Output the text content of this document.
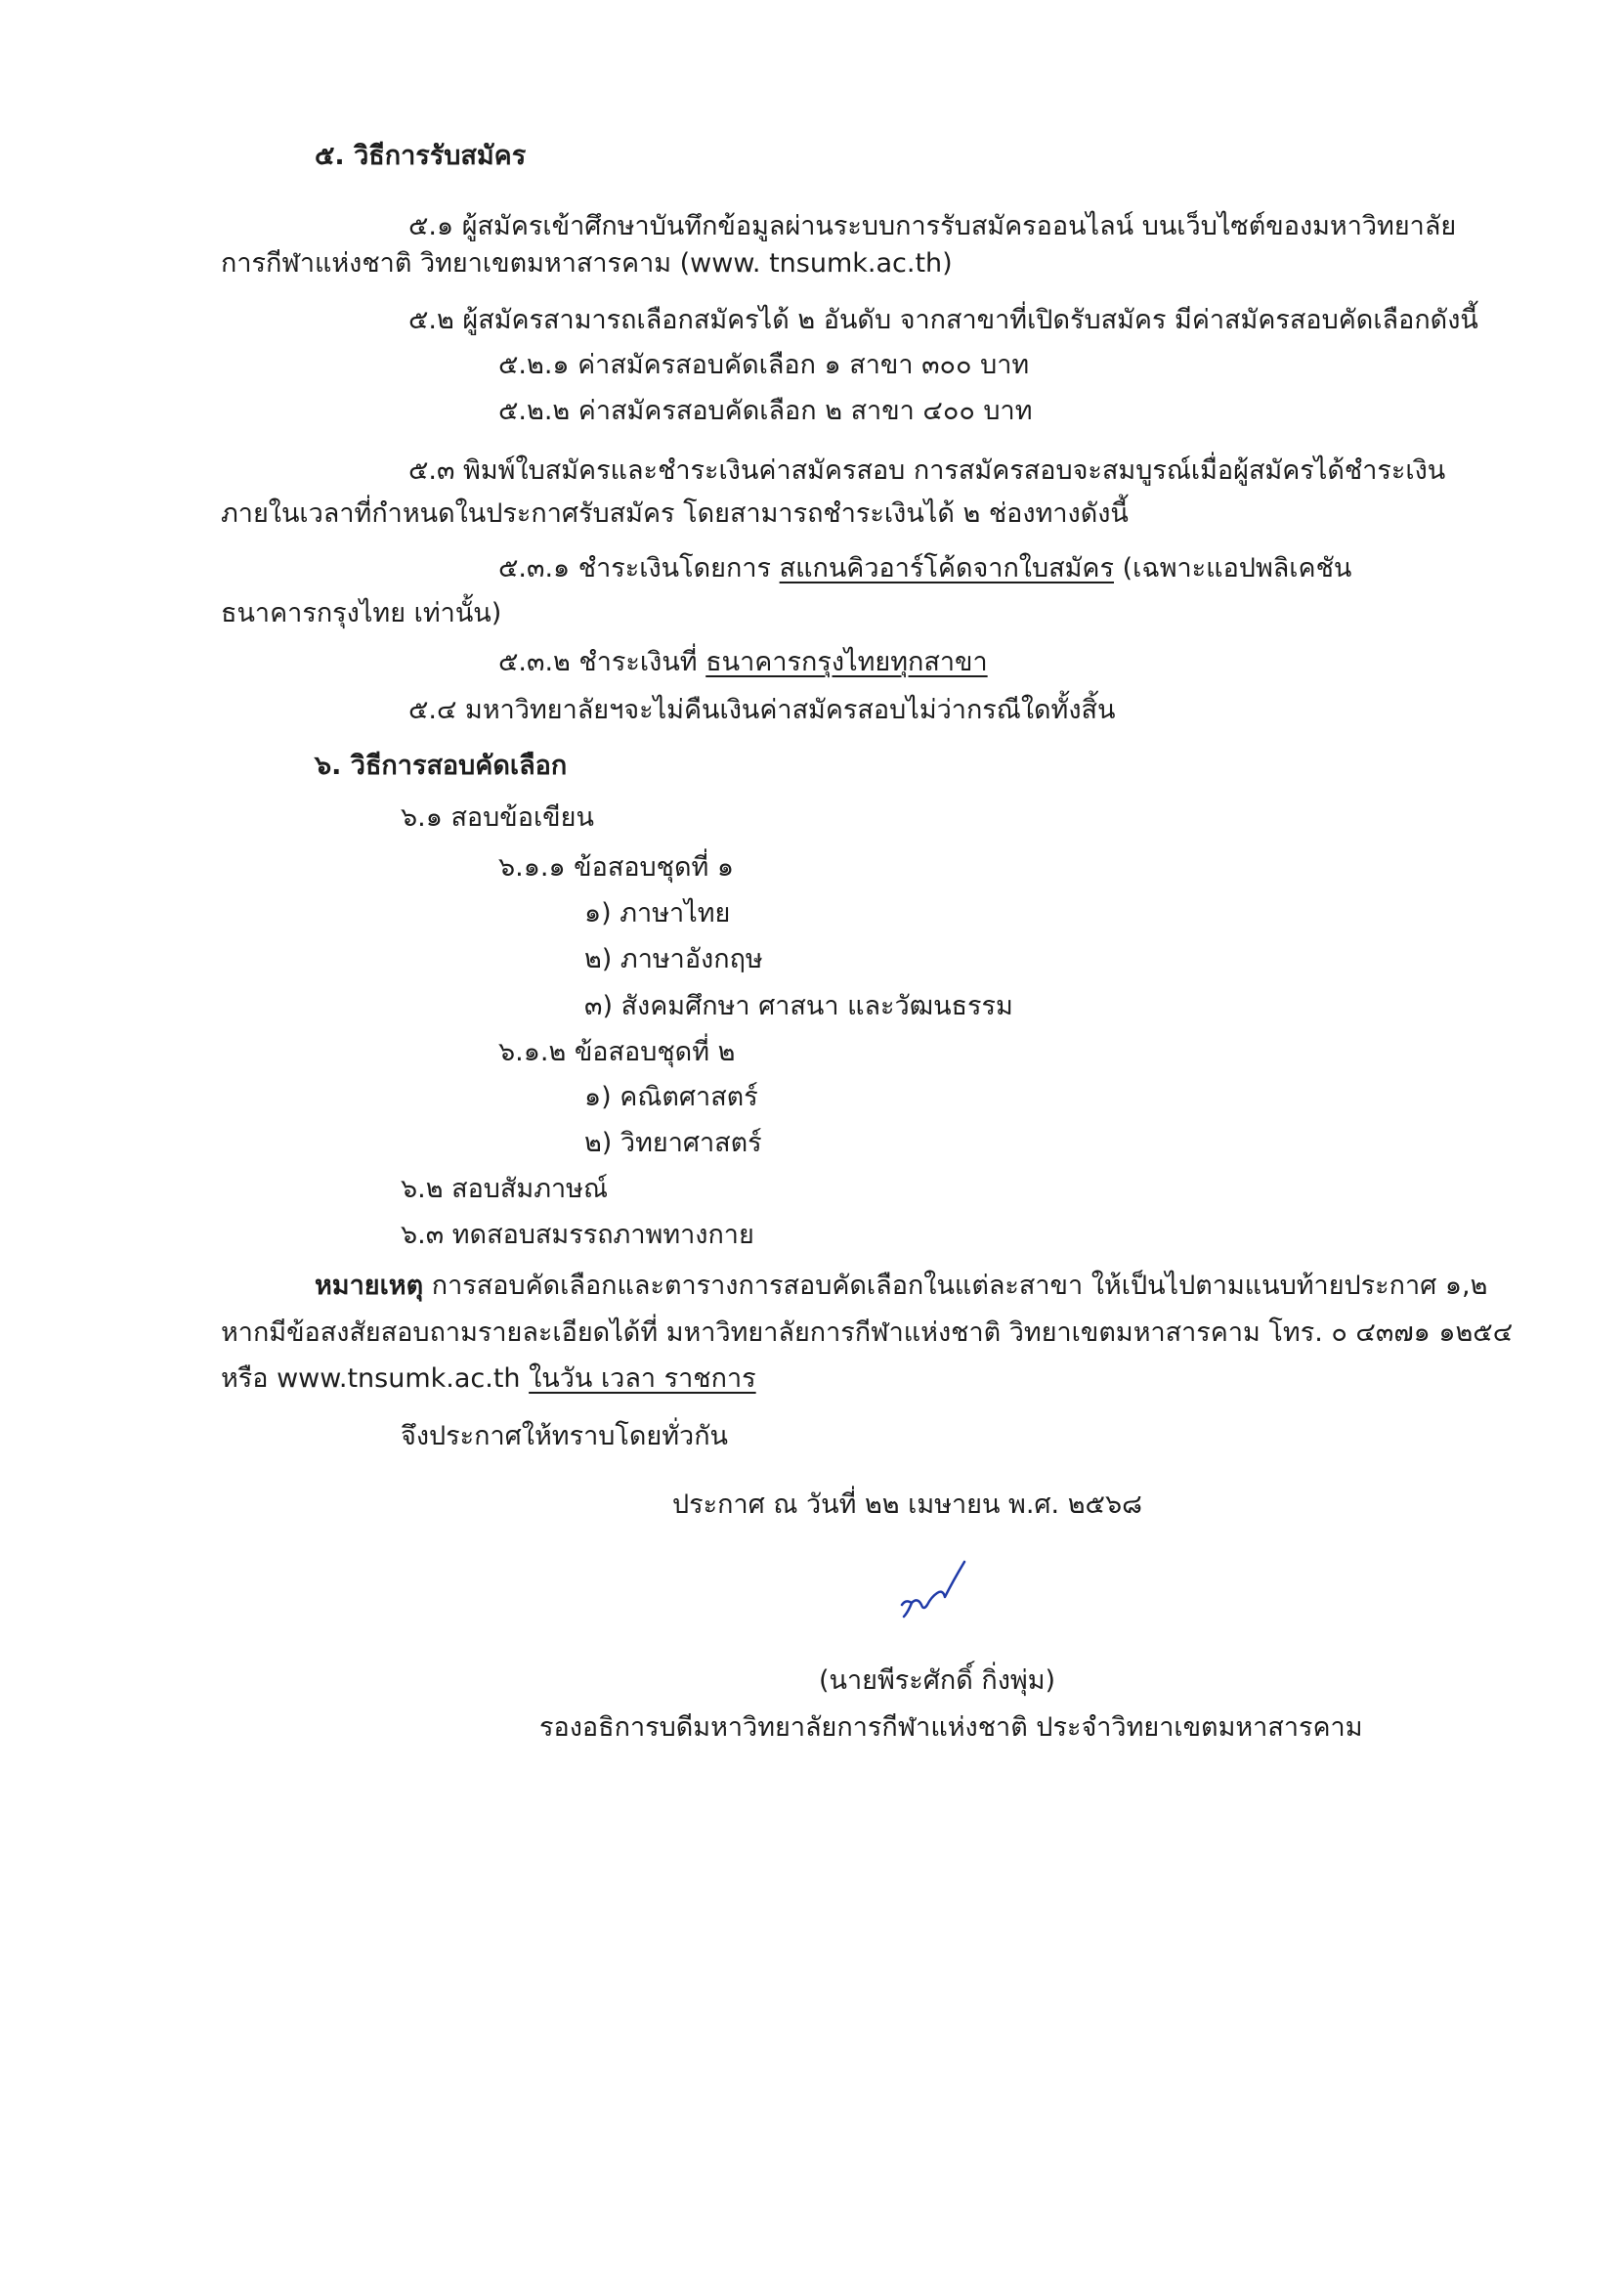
๕. วิธีการรับสมัคร

๕.๑ ผู้สมัครเข้าศึกษาบันทึกข้อมูลผ่านระบบการรับสมัครออนไลน์ บนเว็บไซต์ของมหาวิทยาลัย

การกีฬาแห่งชาติ วิทยาเขตมหาสารคาม (www. tnsumk.ac.th)

๕.๒ ผู้สมัครสามารถเลือกสมัครได้ ๒ อันดับ จากสาขาที่เปิดรับสมัคร มีค่าสมัครสอบคัดเลือกดังนี้

๕.๒.๑ ค่าสมัครสอบคัดเลือก ๑ สาขา ๓๐๐ บาท

๕.๒.๒ ค่าสมัครสอบคัดเลือก ๒ สาขา ๔๐๐ บาท

๕.๓ พิมพ์ใบสมัครและชำระเงินค่าสมัครสอบ การสมัครสอบจะสมบูรณ์เมื่อผู้สมัครได้ชำระเงิน

ภายในเวลาที่กำหนดในประกาศรับสมัคร โดยสามารถชำระเงินได้ ๒ ช่องทางดังนี้

๕.๓.๑ ชำระเงินโดยการ สแกนคิวอาร์โค้ดจากใบสมัคร (เฉพาะแอปพลิเคชัน

ธนาคารกรุงไทย เท่านั้น)

๕.๓.๒ ชำระเงินที่ ธนาคารกรุงไทยทุกสาขา

๕.๔ มหาวิทยาลัยฯจะไม่คืนเงินค่าสมัครสอบไม่ว่ากรณีใดทั้งสิ้น

๖. วิธีการสอบคัดเลือก

๖.๑ สอบข้อเขียน

๖.๑.๑ ข้อสอบชุดที่ ๑

๑) ภาษาไทย

๒) ภาษาอังกฤษ

๓) สังคมศึกษา ศาสนา และวัฒนธรรม

๖.๑.๒ ข้อสอบชุดที่ ๒

๑) คณิตศาสตร์

๒) วิทยาศาสตร์

๖.๒ สอบสัมภาษณ์

๖.๓ ทดสอบสมรรถภาพทางกาย

หมายเหตุ การสอบคัดเลือกและตารางการสอบคัดเลือกในแต่ละสาขา ให้เป็นไปตามแนบท้ายประกาศ ๑,๒

หากมีข้อสงสัยสอบถามรายละเอียดได้ที่ มหาวิทยาลัยการกีฬาแห่งชาติ วิทยาเขตมหาสารคาม โทร. ๐ ๔๓๗๑ ๑๒๕๔

หรือ www.tnsumk.ac.th ในวัน เวลา ราชการ

จึงประกาศให้ทราบโดยทั่วกัน

ประกาศ ณ วันที่ ๒๒ เมษายน พ.ศ. ๒๕๖๘

(นายพีระศักดิ์ กิ่งพุ่ม)

รองอธิการบดีมหาวิทยาลัยการกีฬาแห่งชาติ ประจำวิทยาเขตมหาสารคาม
